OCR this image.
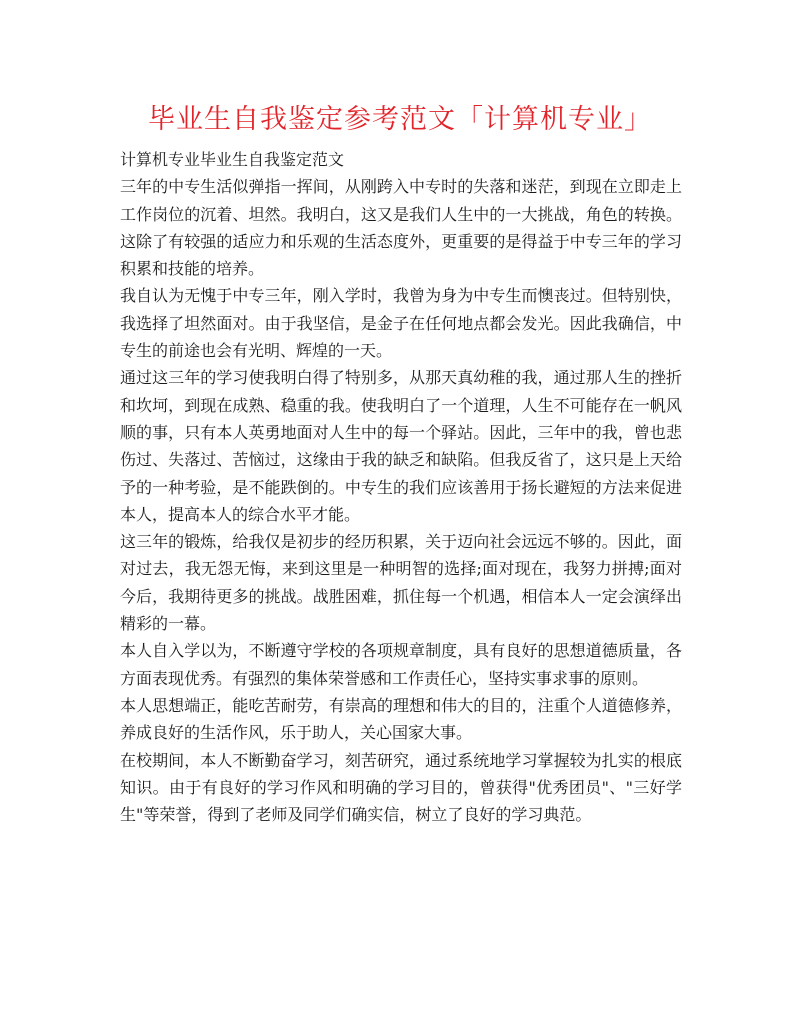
毕业生自我鉴定参考范文「计算机专业」

计算机专业毕业生自我鉴定范文

三年的中专生活似弹指一挥间，从刚跨入中专时的失落和迷茫，到现在立即走上工作岗位的沉着、坦然。我明白，这又是我们人生中的一大挑战，角色的转换。这除了有较强的适应力和乐观的生活态度外，更重要的是得益于中专三年的学习积累和技能的培养。

我自认为无愧于中专三年，刚入学时，我曾为身为中专生而懊丧过。但特别快，我选择了坦然面对。由于我坚信，是金子在任何地点都会发光。因此我确信，中专生的前途也会有光明、辉煌的一天。

通过这三年的学习使我明白得了特别多，从那天真幼稚的我，通过那人生的挫折和坎坷，到现在成熟、稳重的我。使我明白了一个道理，人生不可能存在一帆风顺的事，只有本人英勇地面对人生中的每一个驿站。因此，三年中的我，曾也悲伤过、失落过、苦恼过，这缘由于我的缺乏和缺陷。但我反省了，这只是上天给予的一种考验，是不能跌倒的。中专生的我们应该善用于扬长避短的方法来促进本人，提高本人的综合水平才能。

这三年的锻炼，给我仅是初步的经历积累，关于迈向社会远远不够的。因此，面对过去，我无怨无悔，来到这里是一种明智的选择;面对现在，我努力拼搏;面对今后，我期待更多的挑战。战胜困难，抓住每一个机遇，相信本人一定会演绎出精彩的一幕。

本人自入学以为，不断遵守学校的各项规章制度，具有良好的思想道德质量，各方面表现优秀。有强烈的集体荣誉感和工作责任心，坚持实事求事的原则。

本人思想端正，能吃苦耐劳，有崇高的理想和伟大的目的，注重个人道德修养，养成良好的生活作风，乐于助人，关心国家大事。

在校期间，本人不断勤奋学习，刻苦研究，通过系统地学习掌握较为扎实的根底知识。由于有良好的学习作风和明确的学习目的，曾获得"优秀团员"、"三好学生"等荣誉，得到了老师及同学们确实信，树立了良好的学习典范。
